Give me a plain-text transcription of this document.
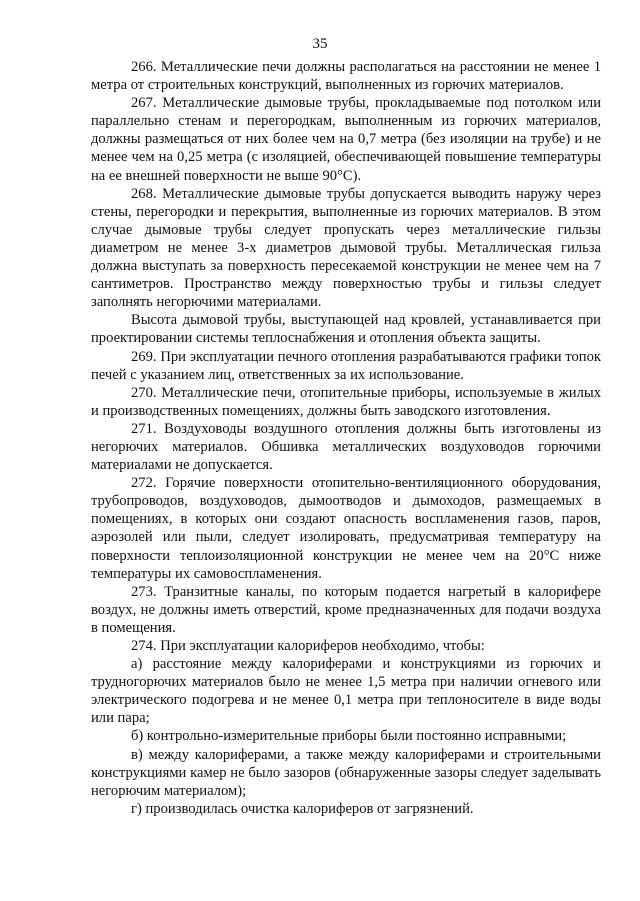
35

266. Металлические печи должны располагаться на расстоянии не менее 1 метра от строительных конструкций, выполненных из горючих материалов.

267. Металлические дымовые трубы, прокладываемые под потолком или параллельно стенам и перегородкам, выполненным из горючих материалов, должны размещаться от них более чем на 0,7 метра (без изоляции на трубе) и не менее чем на 0,25 метра (с изоляцией, обеспечивающей повышение температуры на ее внешней поверхности не выше 90°С).

268. Металлические дымовые трубы допускается выводить наружу через стены, перегородки и перекрытия, выполненные из горючих материалов. В этом случае дымовые трубы следует пропускать через металлические гильзы диаметром не менее 3-х диаметров дымовой трубы. Металлическая гильза должна выступать за поверхность пересекаемой конструкции не менее чем на 7 сантиметров. Пространство между поверхностью трубы и гильзы следует заполнять негорючими материалами.

Высота дымовой трубы, выступающей над кровлей, устанавливается при проектировании системы теплоснабжения и отопления объекта защиты.

269. При эксплуатации печного отопления разрабатываются графики топок печей с указанием лиц, ответственных за их использование.

270. Металлические печи, отопительные приборы, используемые в жилых и производственных помещениях, должны быть заводского изготовления.

271. Воздуховоды воздушного отопления должны быть изготовлены из негорючих материалов. Обшивка металлических воздуховодов горючими материалами не допускается.

272. Горячие поверхности отопительно-вентиляционного оборудования, трубопроводов, воздуховодов, дымоотводов и дымоходов, размещаемых в помещениях, в которых они создают опасность воспламенения газов, паров, аэрозолей или пыли, следует изолировать, предусматривая температуру на поверхности теплоизоляционной конструкции не менее чем на 20°С ниже температуры их самовоспламенения.

273. Транзитные каналы, по которым подается нагретый в калорифере воздух, не должны иметь отверстий, кроме предназначенных для подачи воздуха в помещения.

274. При эксплуатации калориферов необходимо, чтобы:

а) расстояние между калориферами и конструкциями из горючих и трудногорючих материалов было не менее 1,5 метра при наличии огневого или электрического подогрева и не менее 0,1 метра при теплоносителе в виде воды или пара;

б) контрольно-измерительные приборы были постоянно исправными;

в) между калориферами, а также между калориферами и строительными конструкциями камер не было зазоров (обнаруженные зазоры следует заделывать негорючим материалом);

г) производилась очистка калориферов от загрязнений.
